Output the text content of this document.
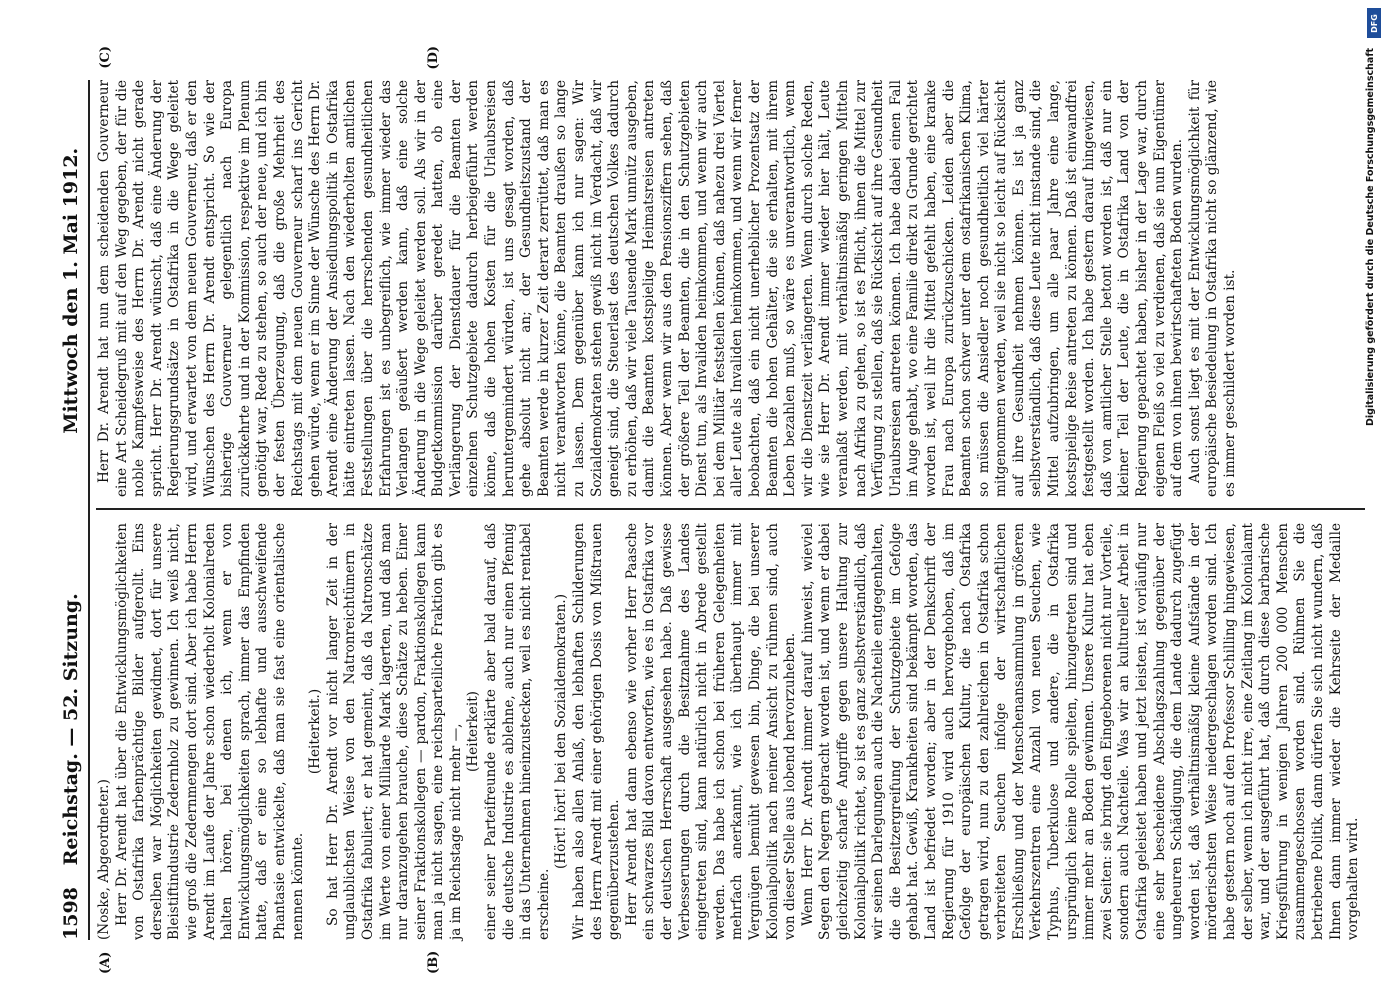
1598
Reichstag. — 52. Sitzung.
Mittwoch den 1. Mai 1912.
(A)	(B)
(C)	(D)

(Noske, Abgeordneter.) Herr Dr. Arendt hat über die Entwicklungsmöglichkeiten von Ostafrika farbenprächtige Bilder aufgerollt. Eins derselben war Möglichkeiten gewidmet, dort für unsere Bleistiftindustrie Zedernholz zu gewinnen. Ich weiß nicht, wie groß die Zedernmengen dort sind. Aber ich habe Herrn Arendt im Laufe der Jahre schon wiederholt Kolonialreden halten hören, bei denen ich, wenn er von Entwicklungsmöglichkeiten sprach, immer das Empfinden hatte, daß er eine so lebhafte und ausschweifende Phantasie entwickelte, daß man sie fast eine orientalische nennen könnte.

(Heiterkeit.) So hat Herr Dr. Arendt vor nicht langer Zeit in der unglaublichsten Weise von den Natronreichtümern in Ostafrika fabuliert; er hat gemeint, daß da Natronschätze im Werte von einer Milliarde Mark lagerten, und daß man nur daranzugehen brauche, diese Schätze zu heben. Einer seiner Fraktionskollegen — pardon, Fraktionskollegen kann man ja nicht sagen, eine reichsparteiliche Fraktion gibt es ja im Reichstage nicht mehr —, (Heiterkeit) einer seiner Parteifreunde erklärte aber bald darauf, daß die deutsche Industrie es ablehne, auch nur einen Pfennig in das Unternehmen hineinzustecken, weil es nicht rentabel erscheine.

(Hört! hört! bei den Sozialdemokraten.) Wir haben also allen Anlaß, den lebhaften Schilderungen des Herrn Arendt mit einer gehörigen Dosis von Mißtrauen gegenüberzustehen. Herr Arendt hat dann ebenso wie vorher Herr Paasche ein schwarzes Bild davon entworfen, wie es in Ostafrika vor der deutschen Herrschaft ausgesehen habe. Daß gewisse Verbesserungen durch die Besitznahme des Landes eingetreten sind, kann natürlich nicht in Abrede gestellt werden. Das habe ich schon bei früheren Gelegenheiten mehrfach anerkannt, wie ich überhaupt immer mit Vergnügen bemüht gewesen bin, Dinge, die bei unserer Kolonialpolitik nach meiner Ansicht zu rühmen sind, auch von dieser Stelle aus lobend hervorzuheben. Wenn Herr Dr. Arendt immer darauf hinweist, wieviel Segen den Negern gebracht worden ist, und wenn er dabei gleichzeitig scharfe Angriffe gegen unsere Haltung zur Kolonialpolitik richtet, so ist es ganz selbstverständlich, daß wir seinen Darlegungen auch die Nachteile entgegenhalten, die die Besitzergreifung der Schutzgebiete im Gefolge gehabt hat. Gewiß, Krankheiten sind bekämpft worden, das Land ist befriedet worden; aber in der Denkschrift der Regierung für 1910 wird auch hervorgehoben, daß im Gefolge der europäischen Kultur, die nach Ostafrika getragen wird, nun zu den zahlreichen in Ostafrika schon verbreiteten Seuchen infolge der wirtschaftlichen Erschließung und der Menschenansammlung in größeren Verkehrszentren eine Anzahl von neuen Seuchen, wie Typhus, Tuberkulose und andere, die in Ostafrika ursprünglich keine Rolle spielten, hinzugetreten sind und immer mehr an Boden gewinnen. Unsere Kultur hat eben zwei Seiten: sie bringt den Eingeborenen nicht nur Vorteile, sondern auch Nachteile. Was wir an kultureller Arbeit in Ostafrika geleistet haben und jetzt leisten, ist vorläufig nur eine sehr bescheidene Abschlagszahlung gegenüber der ungeheuren Schädigung, die dem Lande dadurch zugefügt worden ist, daß verhältnismäßig kleine Aufstände in der mörderischsten Weise niedergeschlagen worden sind. Ich habe gestern noch auf den Professor Schilling hingewiesen, der selber, wenn ich nicht irre, eine Zeitlang im Kolonialamt war, und der ausgeführt hat, daß durch diese barbarische Kriegsführung in wenigen Jahren 200 000 Menschen zusammengeschossen worden sind. Rühmen Sie die betriebene Politik, dann dürfen Sie sich nicht wundern, daß Ihnen dann immer wieder die Kehrseite der Medaille vorgehalten wird.

Herr Dr. Arendt hat nun dem scheidenden Gouverneur eine Art Scheidegruß mit auf den Weg gegeben, der für die noble Kampfesweise des Herrn Dr. Arendt nicht gerade spricht. Herr Dr. Arendt wünscht, daß eine Änderung der Regierungsgrundsätze in Ostafrika in die Wege geleitet wird, und erwartet von dem neuen Gouverneur, daß er den Wünschen des Herrn Dr. Arendt entspricht. So wie der bisherige Gouverneur gelegentlich nach Europa zurückkehrte und in der Kommission, respektive im Plenum genötigt war, Rede zu stehen, so auch der neue, und ich bin der festen Überzeugung, daß die große Mehrheit des Reichstags mit dem neuen Gouverneur scharf ins Gericht gehen würde, wenn er im Sinne der Wünsche des Herrn Dr. Arendt eine Änderung der Ansiedlungspolitik in Ostafrika hätte eintreten lassen. Nach den wiederholten amtlichen Feststellungen über die herrschenden gesundheitlichen Erfahrungen ist es unbegreiflich, wie immer wieder das Verlangen geäußert werden kann, daß eine solche Änderung in die Wege geleitet werden soll. Als wir in der Budgetkommission darüber geredet hatten, ob eine Verlängerung der Dienstdauer für die Beamten der einzelnen Schutzgebiete dadurch herbeigeführt werden könne, daß die hohen Kosten für die Urlaubsreisen heruntergemindert würden, ist uns gesagt worden, daß gehe absolut nicht an; der Gesundheitszustand der Beamten werde in kurzer Zeit derart zerrüttet, daß man es nicht verantworten könne, die Beamten draußen so lange zu lassen. Dem gegenüber kann ich nur sagen: Wir Sozialdemokraten stehen gewiß nicht im Verdacht, daß wir geneigt sind, die Steuerlast des deutschen Volkes dadurch zu erhöhen, daß wir viele Tausende Mark unnütz ausgeben, damit die Beamten kostspielige Heimatsreisen antreten können. Aber wenn wir aus den Pensionsziffern sehen, daß der größere Teil der Beamten, die in den Schutzgebieten Dienst tun, als Invaliden heimkommen, und wenn wir auch bei dem Militär feststellen können, daß nahezu drei Viertel aller Leute als Invaliden heimkommen, und wenn wir ferner beobachten, daß ein nicht unerheblicher Prozentsatz der Beamten die hohen Gehälter, die sie erhalten, mit ihrem Leben bezahlen muß, so wäre es unverantwortlich, wenn wir die Dienstzeit verlängerten. Wenn durch solche Reden, wie sie Herr Dr. Arendt immer wieder hier hält, Leute veranlaßt werden, mit verhältnismäßig geringen Mitteln nach Afrika zu gehen, so ist es Pflicht, ihnen die Mittel zur Verfügung zu stellen, daß sie Rücksicht auf ihre Gesundheit Urlaubsreisen antreten können. Ich habe dabei einen Fall im Auge gehabt, wo eine Familie direkt zu Grunde gerichtet worden ist, weil ihr die Mittel gefehlt haben, eine kranke Frau nach Europa zurückzuschicken. Leiden aber die Beamten schon schwer unter dem ostafrikanischen Klima, so müssen die Ansiedler noch gesundheitlich viel härter mitgenommen werden, weil sie nicht so leicht auf Rücksicht auf ihre Gesundheit nehmen können. Es ist ja ganz selbstverständlich, daß diese Leute nicht imstande sind, die Mittel aufzubringen, um alle paar Jahre eine lange, kostspielige Reise antreten zu können. Daß ist einwandfrei festgestellt worden. Ich habe gestern darauf hingewiesen, daß von amtlicher Stelle betont worden ist, daß nur ein kleiner Teil der Leute, die in Ostafrika Land von der Regierung gepachtet haben, bisher in der Lage war, durch eigenen Fleiß so viel zu verdienen, daß sie nun Eigentümer auf dem von ihnen bewirtschafteten Boden wurden. Auch sonst liegt es mit der Entwicklungsmöglichkeit für europäische Besiedelung in Ostafrika nicht so glänzend, wie es immer geschildert worden ist.

DFG
Digitalisierung gefördert durch die Deutsche Forschungsgemeinschaft
